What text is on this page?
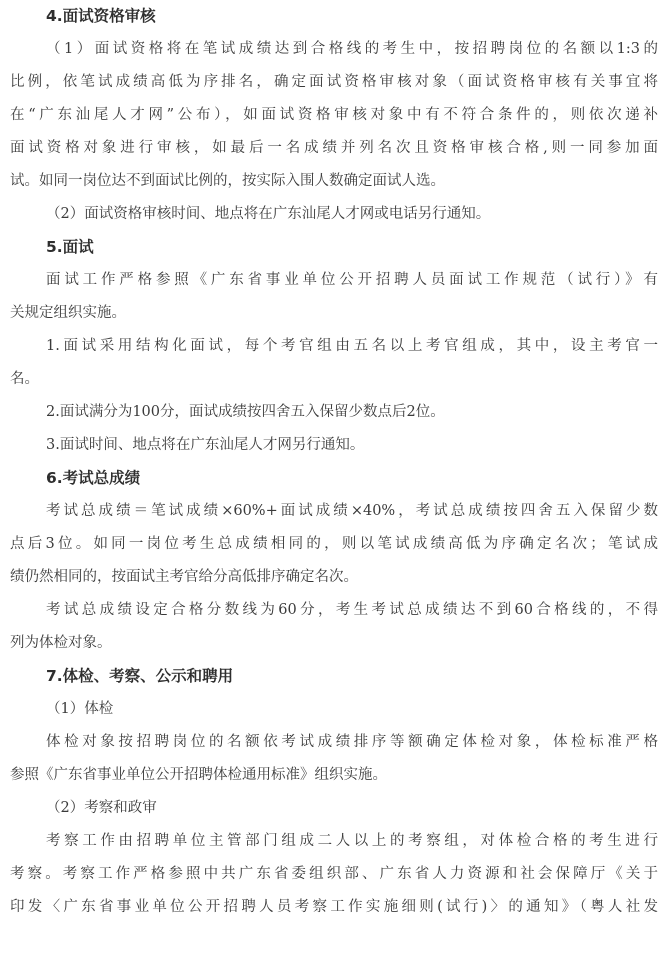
4.面试资格审核
（1）面试资格将在笔试成绩达到合格线的考生中，按招聘岗位的名额以1:3的
比例，依笔试成绩高低为序排名，确定面试资格审核对象（面试资格审核有关事宜将
在“广东汕尾人才网”公布），如面试资格审核对象中有不符合条件的，则依次递补
面试资格对象进行审核，如最后一名成绩并列名次且资格审核合格,则一同参加面
试。如同一岗位达不到面试比例的，按实际入围人数确定面试人选。
（2）面试资格审核时间、地点将在广东汕尾人才网或电话另行通知。
5.面试
面试工作严格参照《广东省事业单位公开招聘人员面试工作规范（试行）》有
关规定组织实施。
1.面试采用结构化面试，每个考官组由五名以上考官组成，其中，设主考官一
名。
2.面试满分为100分，面试成绩按四舍五入保留少数点后2位。
3.面试时间、地点将在广东汕尾人才网另行通知。
6.考试总成绩
考试总成绩＝笔试成绩×60%+面试成绩×40%，考试总成绩按四舍五入保留少数
点后3位。如同一岗位考生总成绩相同的，则以笔试成绩高低为序确定名次；笔试成
绩仍然相同的，按面试主考官给分高低排序确定名次。
考试总成绩设定合格分数线为60分，考生考试总成绩达不到60合格线的，不得
列为体检对象。
7.体检、考察、公示和聘用
（1）体检
体检对象按招聘岗位的名额依考试成绩排序等额确定体检对象，体检标准严格
参照《广东省事业单位公开招聘体检通用标准》组织实施。
（2）考察和政审
考察工作由招聘单位主管部门组成二人以上的考察组，对体检合格的考生进行
考察。考察工作严格参照中共广东省委组织部、广东省人力资源和社会保障厅《关于
印发〈广东省事业单位公开招聘人员考察工作实施细则(试行)〉的通知》（粤人社发
